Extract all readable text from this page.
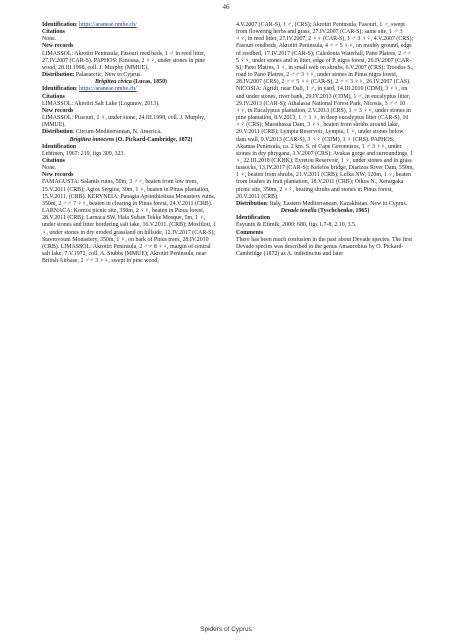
46

Identification: https://araneae.nmbe.ch/

Citations

None.

New records

LIMASSOL: Akrotiri Peninsula, Fasouri reed beds, 1 ♂ in reed litter, 27.IV.2007 (CAR-S). PAPHOS: Kinousa, 2 ♀♀, under stones in pine wood, 28.III.1998, coll. J. Murphy (MMUE).

Distribution: Palaearctic. New to Cyprus.

Brigittea civica (Lucas, 1850)

Identification: https://araneae.nmbe.ch/

Citations

LIMASSOL: Akrotiri Salt Lake (Logunov, 2013).

New records

LIMASSOL: Pissouri, 1 ♀, under stone, 24.III.1998, coll. J. Murphy, (MMUE).

Distribution: Circum-Mediterranean, N. America.

Brigittea innocens (O. Pickard-Cambridge, 1872)

Identification

Lehtinen, 1967: 219, figs 309, 323.

Citations

None.

New records

FAMAGUSTA: Salamis ruins, 50m, 3 ♂♂, beaten from low trees, 15.V.2011 (CRB); Agios Sergios, 30m, 1 ♀, beaten in Pinus plantation, 15.V.2011, (CRB). KERYNEIA: Panagia Apsinthiotissa Monastery ruins, 350m, 2 ♂♂ 7 ♀♀, beaten in clearing in Pinus forest, 24.V.2011 (CRB). LARNACA: Kornos picnic site, 350m, 2 ♀♀, beaten in Pinus forest, 28.V.2011 (CRB); Larnaca SW, Hala Sultan Tekke Mosque, 5m, 1 ♀, under stones and litter bordering salt lake, 16.V.2011. (CRB); Mosfiloti, 1 ♀, under stones in dry eroded grassland on hillside, 12.IV.2017 (CAR-S); Stavrovouni Monastery, 350m, 1 ♀, on bark of Pinus trees, 28.IV.2010 (CRB). LIMASSOL: Akrotiri Peninsula, 2 ♂♂ 8 ♀♀, margin of central salt lake, 7.V.1972, coll. A. Stubbs (MMUE); Akrotiri Peninsula, near British Airbase, 2 ♂♂ 3 ♀♀, swept in pine wood,

4.V.2007 (CAR-S), 1 ♂, (CRS); Akrotiri Peninsula, Fasouri, 1 ♂, swept from flowering herbs and grass, 27.IV.2007 (CAR-S); same site, 1 ♂ 3 ♀♀, in reed litter, 27.IV.2007, 2 ♀♀ (CAR-S), 1 ♂ 3 ♀♀, 4.V.2007 (CRS); Fasouri reedbeds, Akrotiri Peninsula, 4 ♂♂ 5 ♀♀, on muddy ground, edge of reedbed, 17.IV.2017 (CAR-S); Caledonia Waterfall, Pano Platres, 2 ♂♂ 5 ♀♀, under stones and in litter, edge of P. nigra forest, 26.IV.2007 (CAR-S); Pano Platres, 1 ♀, in small web on shrubs, 6.V.2007 (CRS); Troodos S., road to Pano Platres, 2 ♂♂ 3 ♀♀, under stones in Pinus nigra forest, 28.IV.2007 (CRS), 2 ♂♂ 5 ♀♀ (CAR-S), 2 ♂♂ 3 ♀♀, 26.IV.2007 (CAS). NICOSIA: Agridi, near Dali, 1 ♂, in yard, 14.III.2010 (CDM), 3 ♀♀, on and under stones, river bank, 29.IV.2013 (CDM), 1 ♂, in eucalyptus litter, 29.IV.2013 (CAR-S); Athalassa National Forest Park, Nicosia, 3 ♂♂ 10 ♀♀, in Eucalyptus plantation, 2.V.2013 (CRS), 1 ♂ 3 ♀♀, under stones in pine plantation, 8.V.2013, 1 ♂ 1 ♀, in deep eucalyptus litter (CAR-S), 10 ♀♀ (CRS); Marathassa Dam, 3 ♀♀, beaten from shrubs around lake, 20.V.2011 (CRB); Lympia Reservoir, Lympia, 1 ♀, under stones below dam wall, 9.V.2013 (CAR-S), 3 ♀♀ (CDM), 1 ♀ (CRS). PAPHOS: Akamas Peninsula, ca. 2 km. S. of Cape Geronnisos, 1 ♂ 3 ♀♀, under stones in dry phrygana, 3.V.2007 (CRS); Avakas gorge and surroundings, 1 ♀, 22.III.2018 (CKHK); Evretou Reservoir, 1 ♀, under stones and in grass tussocks, 13.IV.2017 (CAR-S); Kelefos bridge, Diarizos River Dam, 550m, 1 ♀, beaten from shrubs, 21.V.2011 (CRB); Lefka NW, 120m, 1 ♀, beaten from bushes in fruit plantation, 18.V.2011 (CRB); Oikos N., Xerargaka picnic site, 350m, 2 ♀♀, beating shrubs and stones in Pinus forest, 20.V.2011 (CRB).

Distribution: Italy, Eastern Mediterranean, Kazakhstan. New to Cyprus.

Devade tenella (Tyschchenko, 1965)

Identification

Esyunin & Efimik, 2000: 680, figs 1.7-8, 2.10, 3.5.

Comments

There has been much confusion in the past about Devade species. The first Devade species was described in the genus Amaurobius by O. Pickard-Cambridge (1872) as A. indistinctus and later

Spiders of Cyprus
